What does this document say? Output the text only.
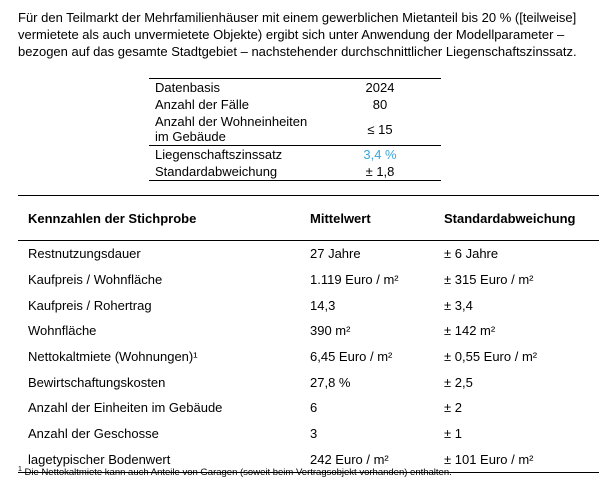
Für den Teilmarkt der Mehrfamilienhäuser mit einem gewerblichen Mietanteil bis 20 % ([teilweise]
vermietete als auch unvermietete Objekte) ergibt sich unter Anwendung der Modellparameter –
bezogen auf das gesamte Stadtgebiet – nachstehender durchschnittlicher Liegenschaftszinssatz.
Datenbasis	2024
Anzahl der Fälle	80
Anzahl der Wohneinheiten
im Gebäude	≤ 15
Liegenschaftszinssatz	3,4 %
Standardabweichung	± 1,8
Kennzahlen der Stichprobe	Mittelwert	Standardabweichung
Restnutzungsdauer	27 Jahre	± 6 Jahre
Kaufpreis / Wohnfläche	1.119 Euro / m²	± 315 Euro / m²
Kaufpreis / Rohertrag	14,3	± 3,4
Wohnfläche	390 m²	± 142 m²
Nettokaltmiete (Wohnungen)¹	6,45 Euro / m²	± 0,55 Euro / m²
Bewirtschaftungskosten	27,8 %	± 2,5
Anzahl der Einheiten im Gebäude	6	± 2
Anzahl der Geschosse	3	± 1
lagetypischer Bodenwert	242 Euro / m²	± 101 Euro / m²
$^1$ Die Nettokaltmiete kann auch Anteile von Garagen (soweit beim Vertragsobjekt vorhanden) enthalten.
